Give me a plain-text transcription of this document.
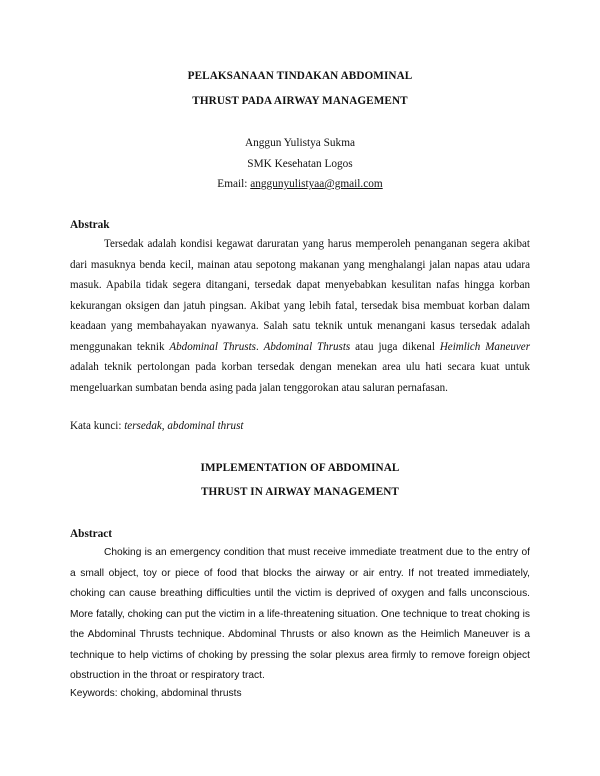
PELAKSANAAN TINDAKAN ABDOMINAL

THRUST PADA AIRWAY MANAGEMENT

Anggun Yulistya Sukma

SMK Kesehatan Logos

Email: anggunyulistyaa@gmail.com

Abstrak

Tersedak adalah kondisi kegawat daruratan yang harus memperoleh penanganan segera akibat dari masuknya benda kecil, mainan atau sepotong makanan yang menghalangi jalan napas atau udara masuk. Apabila tidak segera ditangani, tersedak dapat menyebabkan kesulitan nafas hingga korban kekurangan oksigen dan jatuh pingsan. Akibat yang lebih fatal, tersedak bisa membuat korban dalam keadaan yang membahayakan nyawanya. Salah satu teknik untuk menangani kasus tersedak adalah menggunakan teknik Abdominal Thrusts. Abdominal Thrusts atau juga dikenal Heimlich Maneuver adalah teknik pertolongan pada korban tersedak dengan menekan area ulu hati secara kuat untuk mengeluarkan sumbatan benda asing pada jalan tenggorokan atau saluran pernafasan.

Kata kunci: tersedak, abdominal thrust

IMPLEMENTATION OF ABDOMINAL

THRUST IN AIRWAY MANAGEMENT

Abstract

Choking is an emergency condition that must receive immediate treatment due to the entry of a small object, toy or piece of food that blocks the airway or air entry. If not treated immediately, choking can cause breathing difficulties until the victim is deprived of oxygen and falls unconscious. More fatally, choking can put the victim in a life-threatening situation. One technique to treat choking is the Abdominal Thrusts technique. Abdominal Thrusts or also known as the Heimlich Maneuver is a technique to help victims of choking by pressing the solar plexus area firmly to remove foreign object obstruction in the throat or respiratory tract.

Keywords: choking, abdominal thrusts
